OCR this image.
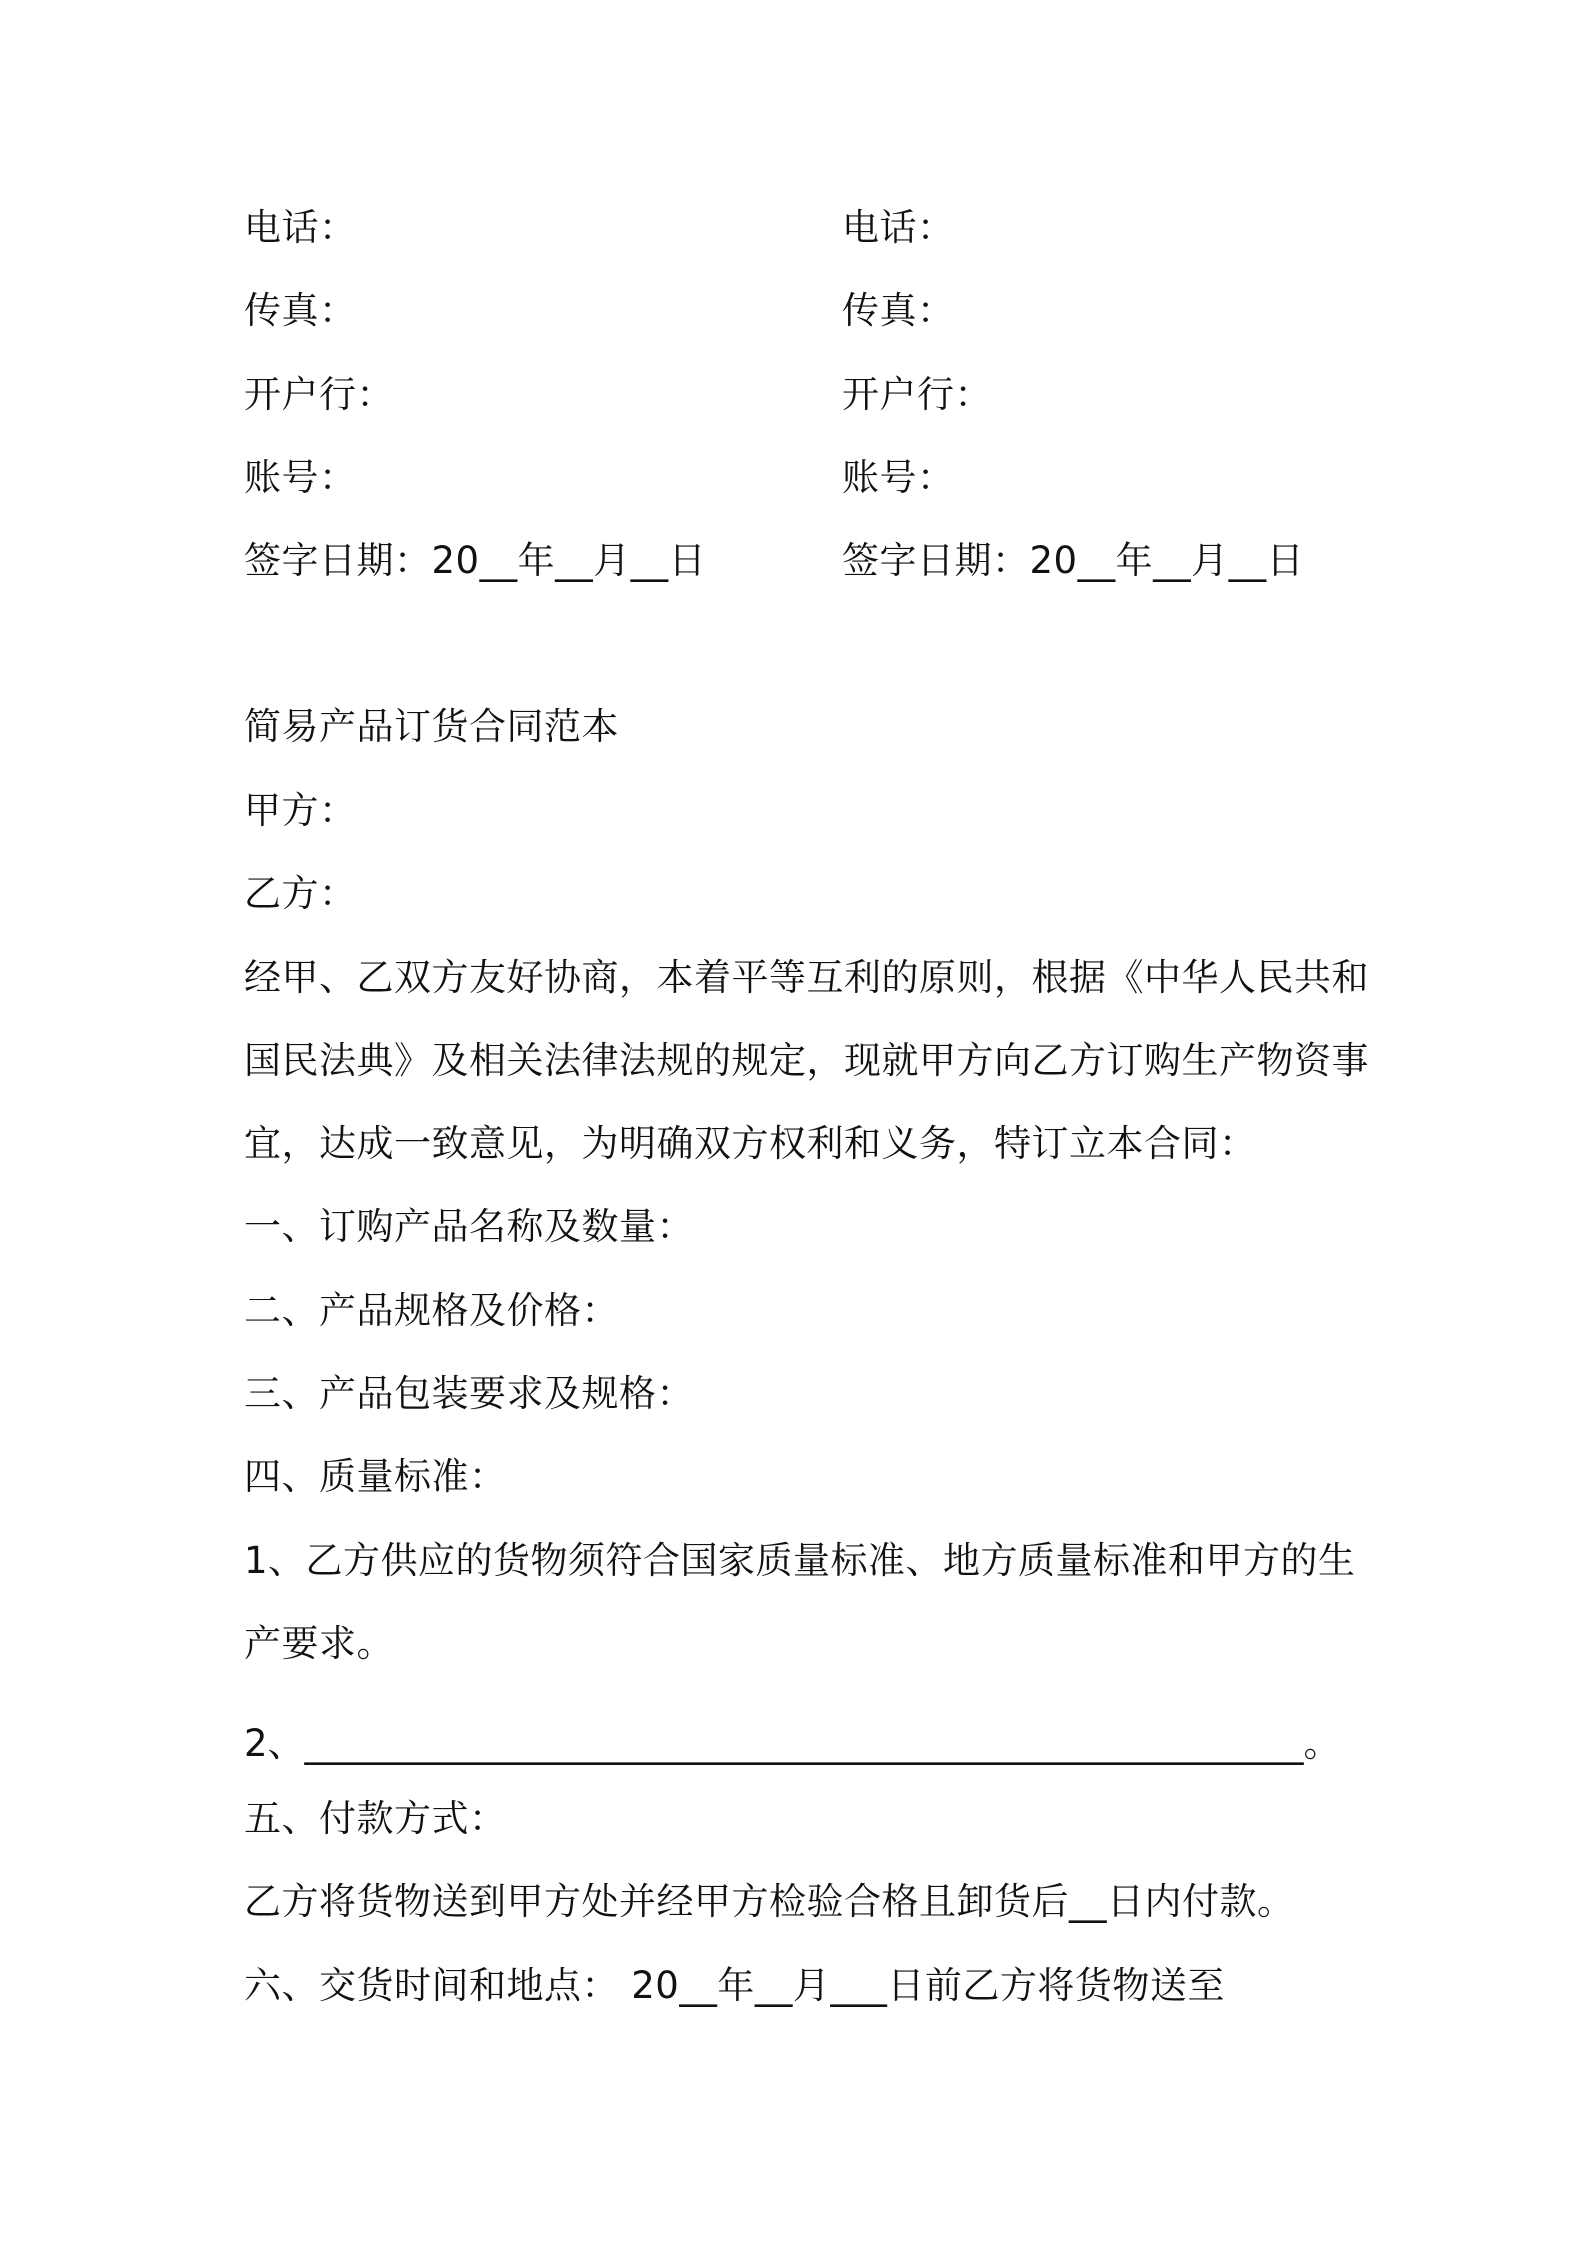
电话：
传真：
开户行：
账号：
签字日期：20__年__月__日
电话：
传真：
开户行：
账号：
签字日期：20__年__月__日
简易产品订货合同范本
甲方：
乙方：
经甲、乙双方友好协商，本着平等互利的原则，根据《中华人民共和
国民法典》及相关法律法规的规定，现就甲方向乙方订购生产物资事
宜，达成一致意见，为明确双方权利和义务，特订立本合同：
一、订购产品名称及数量：
二、产品规格及价格：
三、产品包装要求及规格：
四、质量标准：
1、乙方供应的货物须符合国家质量标准、地方质量标准和甲方的生
产要求。
2、______________________________________________________。
五、付款方式：
乙方将货物送到甲方处并经甲方检验合格且卸货后__日内付款。
六、交货时间和地点： 20__年__月___日前乙方将货物送至
